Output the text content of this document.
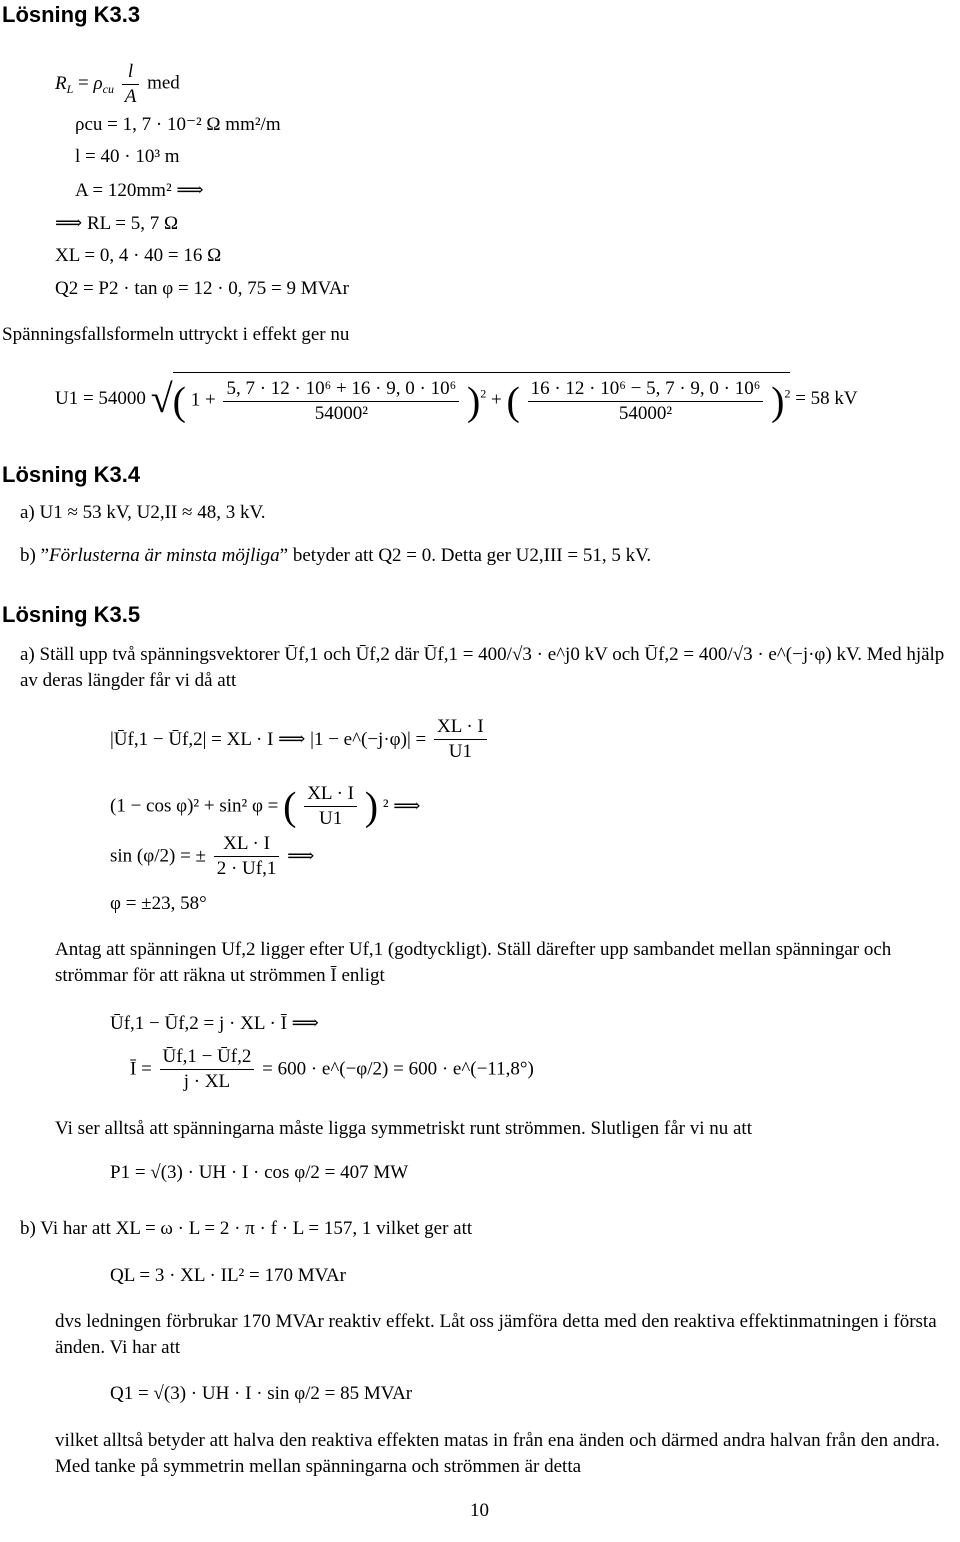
Lösning K3.3
$R_L = \rho_{cu} \frac{l}{A}$ med
ρcu = 1, 7 · 10⁻² Ω mm²/m
l = 40 · 10³ m
A = 120mm² ⟹
⟹ RL = 5, 7 Ω
XL = 0, 4 · 40 = 16 Ω
Q2 = P2 · tan φ = 12 · 0, 75 = 9 MVAr
Spänningsfallsformeln uttryckt i effekt ger nu
U1 = 54000 √( $1 + \frac{\text{5, 7 · 12 · 10⁶ + 16 · 9, 0 · 10⁶}}{\text{54000²}} )^2$ + ( $\frac{\text{16 · 12 · 10⁶ − 5, 7 · 9, 0 · 10⁶}}{\text{54000²}} )^2 = 58$ kV
Lösning K3.4
a) U1 ≈ 53 kV, U2,II ≈ 48, 3 kV.
b) ”Förlusterna är minsta möjliga” betyder att Q2 = 0. Detta ger U2,III = 51, 5 kV.
Lösning K3.5
a) Ställ upp två spänningsvektorer Ūf,1 och Ūf,2 där Ūf,1 = 400/√3 · e^j0 kV och Ūf,2 = 400/√3 · e^(−j·φ) kV. Med hjälp av deras längder får vi då att
|Ūf,1 − Ūf,2| = XL · I ⟹ |1 − e^(−j·φ)| = $\frac{XL \cdot I}{U1}$
(1 − cos φ)² + sin² φ = ( $\frac{XL \cdot I}{U1}$ ) ² ⟹
sin (φ/2) = ± $\frac{XL \cdot I}{2 \cdot Uf,1}$ ⟹
φ = ±23, 58°
Antag att spänningen Uf,2 ligger efter Uf,1 (godtyckligt). Ställ därefter upp sambandet mellan spänningar och strömmar för att räkna ut strömmen Ī enligt
Ūf,1 − Ūf,2 = j · XL · Ī ⟹
Ī = $\frac{Ūf,1 - Ūf,2}{j \cdot XL} = 600$ · e^(−φ/2) = 600 · e^(−11,8°)
Vi ser alltså att spänningarna måste ligga symmetriskt runt strömmen. Slutligen får vi nu att
P1 = √(3) · UH · I · cos φ/2 = 407 MW
b) Vi har att XL = ω · L = 2 · π · f · L = 157, 1 vilket ger att
QL = 3 · XL · IL² = 170 MVAr
dvs ledningen förbrukar 170 MVAr reaktiv effekt. Låt oss jämföra detta med den reaktiva effektinmatningen i första änden. Vi har att
Q1 = √(3) · UH · I · sin φ/2 = 85 MVAr
vilket alltså betyder att halva den reaktiva effekten matas in från ena änden och därmed andra halvan från den andra. Med tanke på symmetrin mellan spänningarna och strömmen är detta
10
